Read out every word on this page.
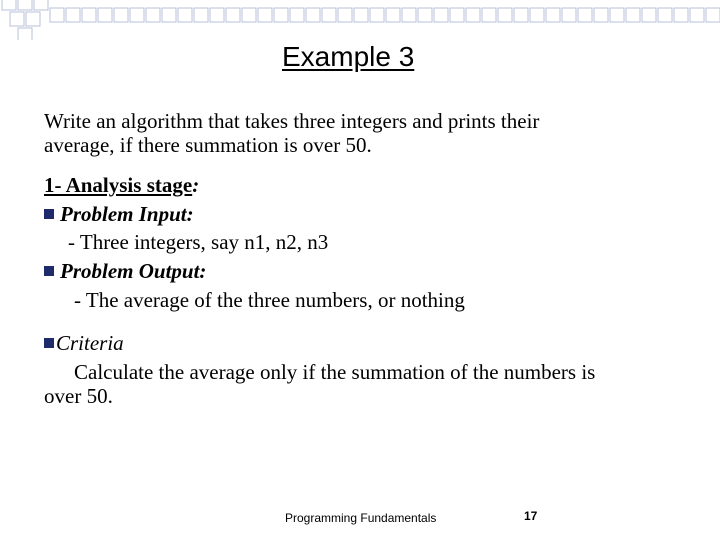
Example 3
Write an algorithm that takes three integers and prints their
average, if there summation is over 50.
1- Analysis stage:
Problem Input:
- Three integers, say n1, n2, n3
Problem Output:
- The average of the three numbers, or nothing
Criteria
Calculate the average only if the summation of the numbers is
over 50.
Programming Fundamentals	17
